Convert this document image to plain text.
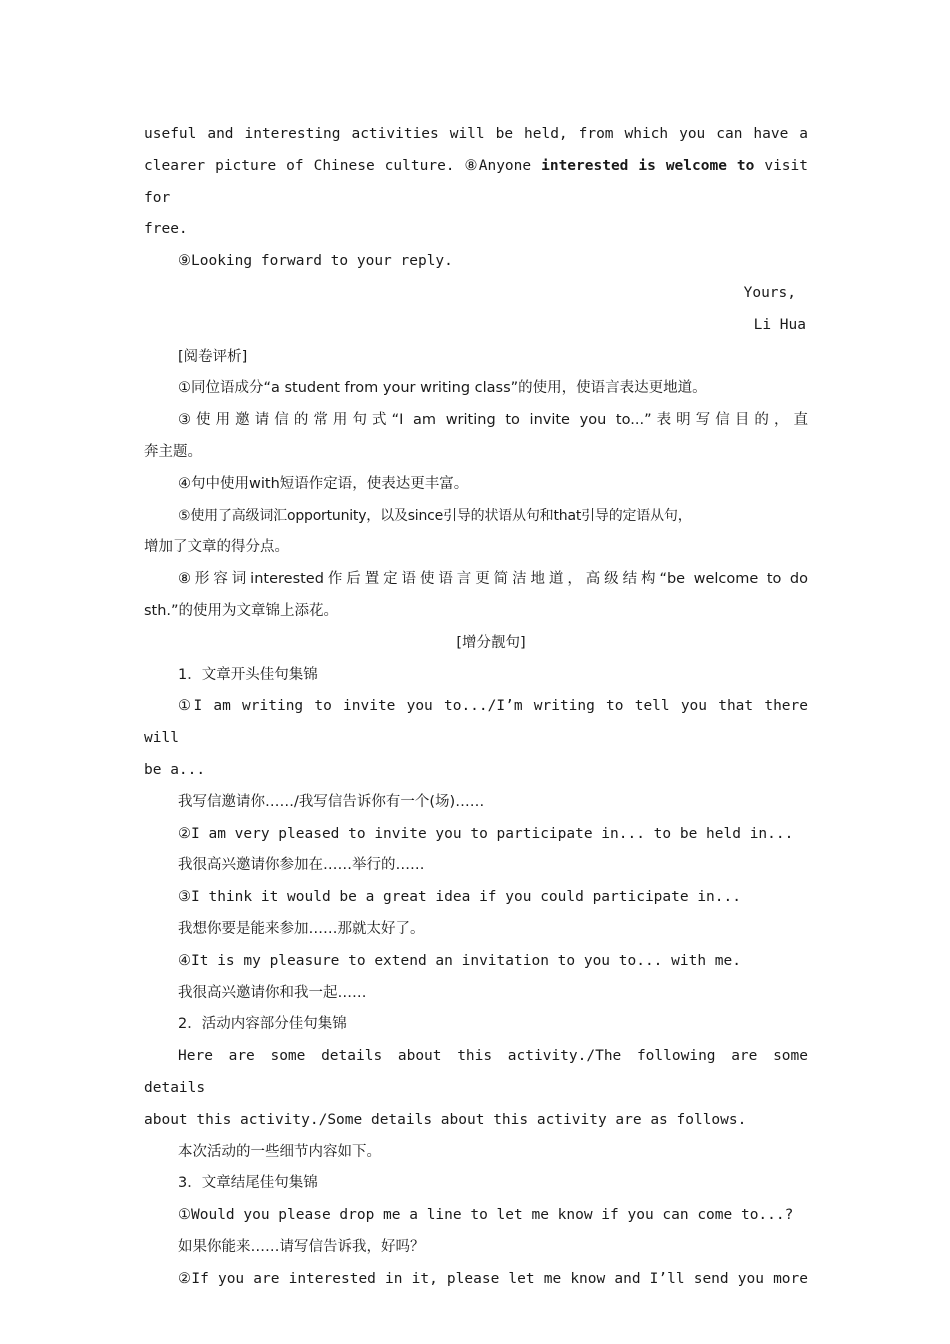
useful and interesting activities will be held, from which you can have a

clearer picture of Chinese culture. ⑧Anyone interested is welcome to visit for

free.

⑨Looking forward to your reply.

Yours,

Li Hua

[阅卷评析]

①同位语成分“a student from your writing class”的使用，使语言表达更地道。

③使用邀请信的常用句式“I am writing to invite you to...”表明写信目的，直

奔主题。

④句中使用with短语作定语，使表达更丰富。

⑤使用了高级词汇opportunity，以及since引导的状语从句和that引导的定语从句，

增加了文章的得分点。

⑧形容词interested作后置定语使语言更简洁地道，高级结构“be welcome to do

sth.”的使用为文章锦上添花。

[增分靓句]

1．文章开头佳句集锦

①I am writing to invite you to.../I’m writing to tell you that there will

be a...

我写信邀请你……/我写信告诉你有一个(场)……

②I am very pleased to invite you to participate in... to be held in...

我很高兴邀请你参加在……举行的……

③I think it would be a great idea if you could participate in...

我想你要是能来参加……那就太好了。

④It is my pleasure to extend an invitation to you to... with me.

我很高兴邀请你和我一起……

2．活动内容部分佳句集锦

Here are some details about this activity./The following are some details

about this activity./Some details about this activity are as follows.

本次活动的一些细节内容如下。

3．文章结尾佳句集锦

①Would you please drop me a line to let me know if you can come to...?

如果你能来……请写信告诉我，好吗？

②If you are interested in it, please let me know and I’ll send you more
